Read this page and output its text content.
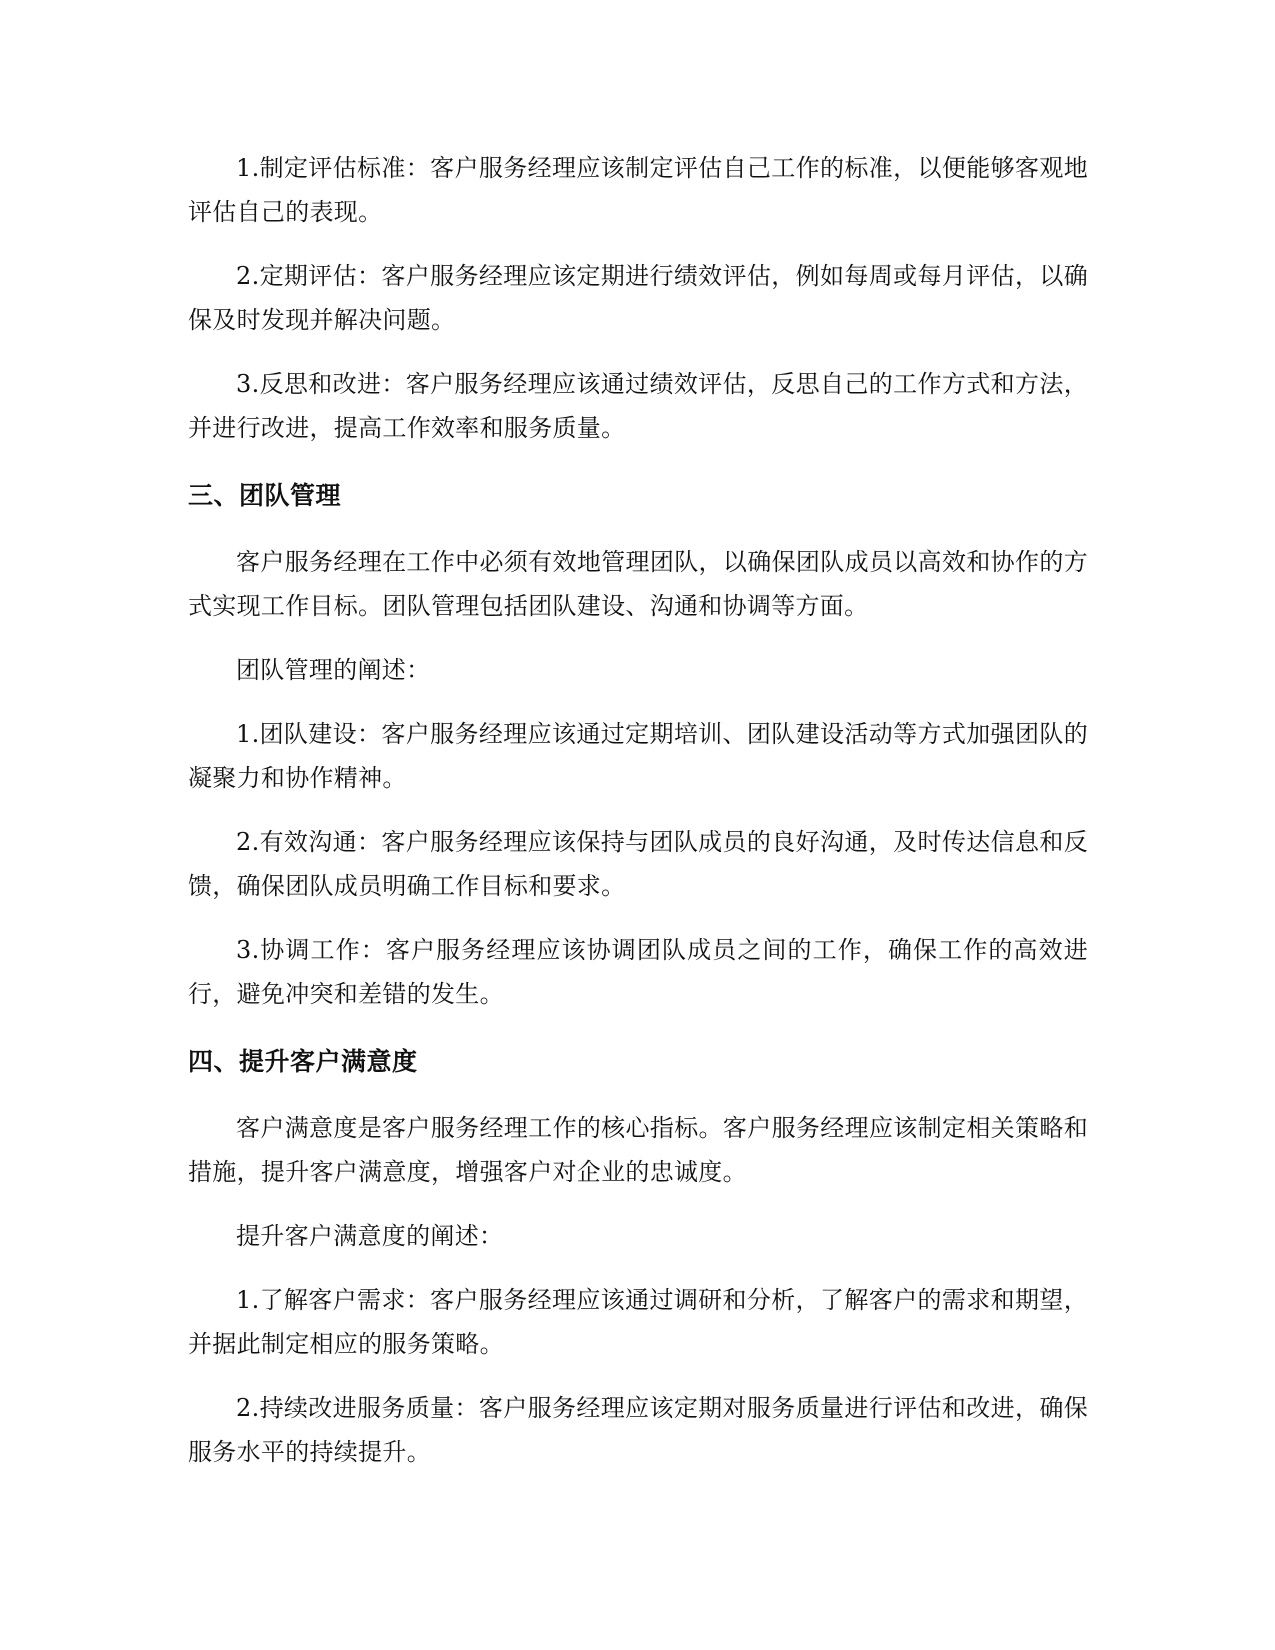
1.制定评估标准：客户服务经理应该制定评估自己工作的标准，以便能够客观地评估自己的表现。

2.定期评估：客户服务经理应该定期进行绩效评估，例如每周或每月评估，以确保及时发现并解决问题。

3.反思和改进：客户服务经理应该通过绩效评估，反思自己的工作方式和方法，并进行改进，提高工作效率和服务质量。

三、团队管理

客户服务经理在工作中必须有效地管理团队，以确保团队成员以高效和协作的方式实现工作目标。团队管理包括团队建设、沟通和协调等方面。

团队管理的阐述：

1.团队建设：客户服务经理应该通过定期培训、团队建设活动等方式加强团队的凝聚力和协作精神。

2.有效沟通：客户服务经理应该保持与团队成员的良好沟通，及时传达信息和反馈，确保团队成员明确工作目标和要求。

3.协调工作：客户服务经理应该协调团队成员之间的工作，确保工作的高效进行，避免冲突和差错的发生。

四、提升客户满意度

客户满意度是客户服务经理工作的核心指标。客户服务经理应该制定相关策略和措施，提升客户满意度，增强客户对企业的忠诚度。

提升客户满意度的阐述：

1.了解客户需求：客户服务经理应该通过调研和分析，了解客户的需求和期望，并据此制定相应的服务策略。

2.持续改进服务质量：客户服务经理应该定期对服务质量进行评估和改进，确保服务水平的持续提升。
